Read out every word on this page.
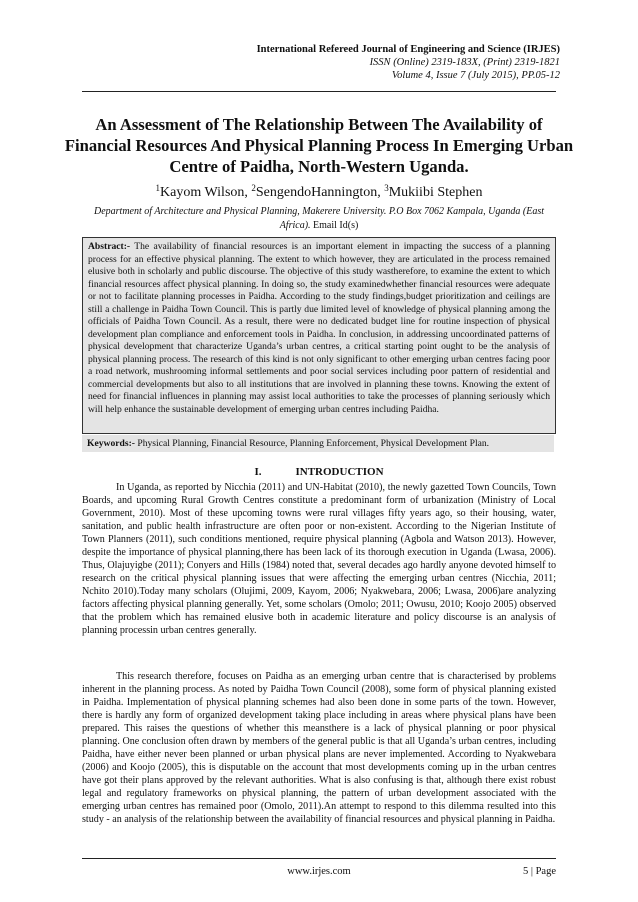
International Refereed Journal of Engineering and Science (IRJES)
ISSN (Online) 2319-183X, (Print) 2319-1821
Volume 4, Issue 7 (July 2015), PP.05-12
An Assessment of The Relationship Between The Availability of Financial Resources And Physical Planning Process In Emerging Urban Centre of Paidha, North-Western Uganda.
$^1$Kayom Wilson, $^2$SengendoHannington, $^3$Mukiibi Stephen
Department of Architecture and Physical Planning, Makerere University. P.O Box 7062 Kampala, Uganda (East Africa). Email Id(s)
Abstract:- The availability of financial resources is an important element in impacting the success of a planning process for an effective physical planning. The extent to which however, they are articulated in the process remained elusive both in scholarly and public discourse. The objective of this study wastherefore, to examine the extent to which financial resources affect physical planning. In doing so, the study examinedwhether financial resources were adequate or not to facilitate planning processes in Paidha. According to the study findings,budget prioritization and ceilings are still a challenge in Paidha Town Council. This is partly due limited level of knowledge of physical planning among the officials of Paidha Town Council. As a result, there were no dedicated budget line for routine inspection of physical development plan compliance and enforcement tools in Paidha. In conclusion, in addressing uncoordinated patterns of physical development that characterize Uganda’s urban centres, a critical starting point ought to be the analysis of physical planning process. The research of this kind is not only significant to other emerging urban centres facing poor a road network, mushrooming informal settlements and poor social services including poor pattern of residential and commercial developments but also to all institutions that are involved in planning these towns. Knowing the extent of need for financial influences in planning may assist local authorities to take the processes of planning seriously which will help enhance the sustainable development of emerging urban centres including Paidha.
Keywords:- Physical Planning, Financial Resource, Planning Enforcement, Physical Development Plan.
I.	INTRODUCTION

In Uganda, as reported by Nicchia (2011) and UN-Habitat (2010), the newly gazetted Town Councils, Town Boards, and upcoming Rural Growth Centres constitute a predominant form of urbanization (Ministry of Local Government, 2010). Most of these upcoming towns were rural villages fifty years ago, so their housing, water, sanitation, and public health infrastructure are often poor or non-existent. According to the Nigerian Institute of Town Planners (2011), such conditions mentioned, require physical planning (Agbola and Watson 2013). However, despite the importance of physical planning,there has been lack of its thorough execution in Uganda (Lwasa, 2006). Thus, Olajuyigbe (2011); Conyers and Hills (1984) noted that, several decades ago hardly anyone devoted himself to research on the critical physical planning issues that were affecting the emerging urban centres (Nicchia, 2011; Nchito 2010).Today many scholars (Olujimi, 2009, Kayom, 2006; Nyakwebara, 2006; Lwasa, 2006)are analyzing factors affecting physical planning generally. Yet, some scholars (Omolo; 2011; Owusu, 2010; Koojo 2005) observed that the problem which has remained elusive both in academic literature and policy discourse is an analysis of planning processin urban centres generally.

This research therefore, focuses on Paidha as an emerging urban centre that is characterised by problems inherent in the planning process. As noted by Paidha Town Council (2008), some form of physical planning existed in Paidha. Implementation of physical planning schemes had also been done in some parts of the town. However, there is hardly any form of organized development taking place including in areas where physical plans have been prepared. This raises the questions of whether this meansthere is a lack of physical planning or poor physical planning. One conclusion often drawn by members of the general public is that all Uganda’s urban centres, including Paidha, have either never been planned or urban physical plans are never implemented. According to Nyakwebara (2006) and Koojo (2005), this is disputable on the account that most developments coming up in the urban centres have got their plans approved by the relevant authorities. What is also confusing is that, although there exist robust legal and regulatory frameworks on physical planning, the pattern of urban development associated with the emerging urban centres has remained poor (Omolo, 2011).An attempt to respond to this dilemma resulted into this study - an analysis of the relationship between the availability of financial resources and physical planning in Paidha.

www.irjes.com	5 | Page
